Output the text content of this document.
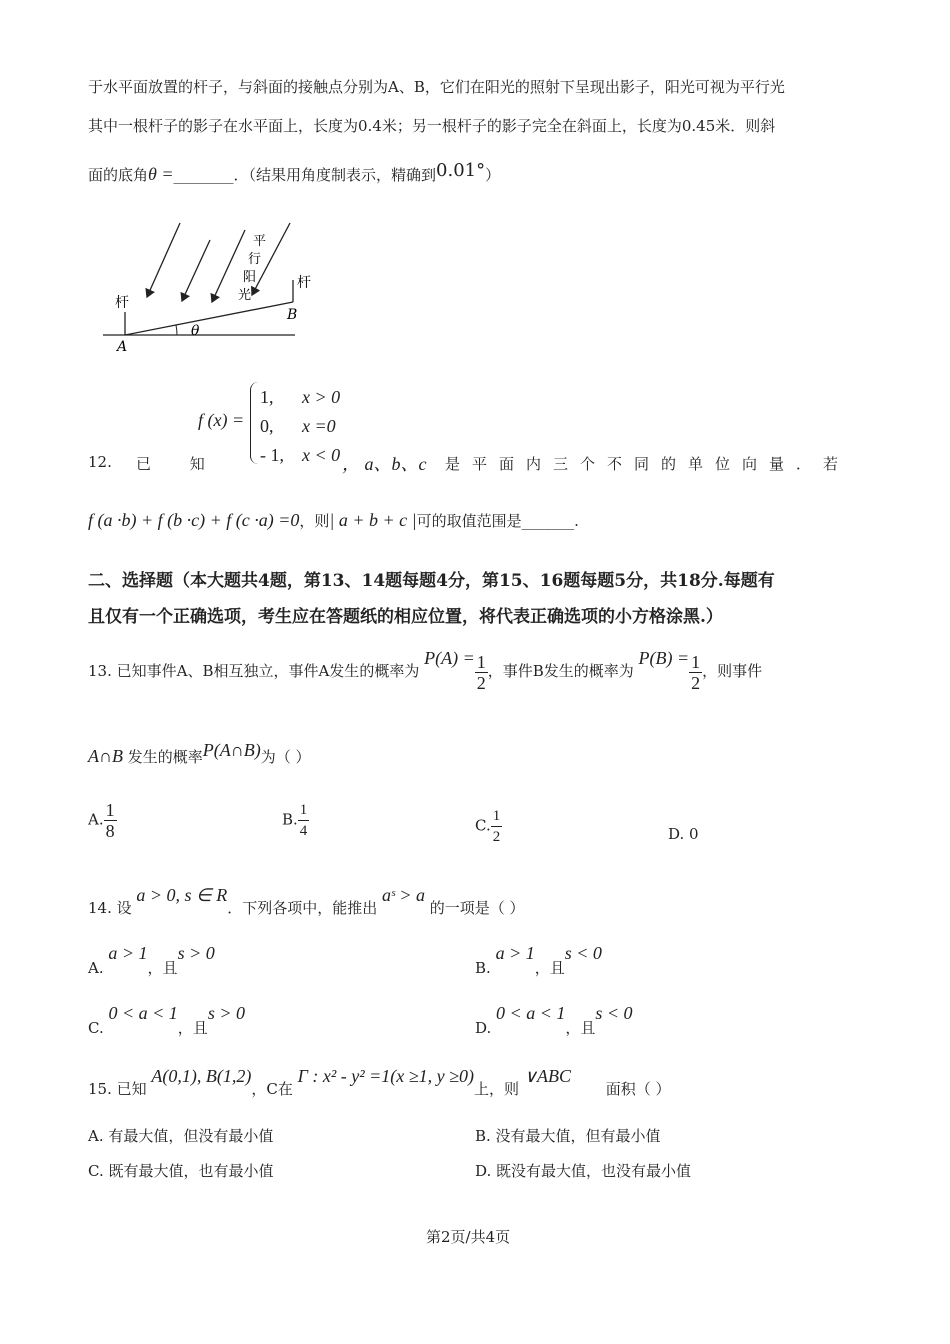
于水平面放置的杆子，与斜面的接触点分别为A、B，它们在阳光的照射下呈现出影子，阳光可视为平行光
其中一根杆子的影子在水平面上，长度为0.4米；另一根杆子的影子完全在斜面上，长度为0.45米．则斜
面的底角θ =________．（结果用角度制表示，精确到0.01°）
杆
杆
A
B
θ
平
行
阳
光
12. 已 知
f (x) =
1, x > 0
0, x =0
- 1, x < 0 ， a、b、c 是平面内三个不同的单位向量．若
f (a ·b) + f (b ·c) + f (c ·a) =0，则| a + b + c |可的取值范围是_______.
二、选择题（本大题共4题，第13、14题每题4分，第15、16题每题5分，共18分.每题有
且仅有一个正确选项，考生应在答题纸的相应位置，将代表正确选项的小方格涂黑.）
13. 已知事件A、B相互独立，事件A发生的概率为 $P(A) = \frac{1}{2}$ ，事件B发生的概率为 $P(B) = \frac{1}{2}$ ，则事件
A∩B 发生的概率P(A∩B)为（ ）
A. $\frac{1}{8}$	B. $\frac{1}{4}$	C. $\frac{1}{2}$	D. 0
14. 设 a > 0, s ∈ R．下列各项中，能推出 aˢ > a 的一项是（ ）
A. a > 1，且s > 0
B. a > 1，且s < 0
C. 0 < a < 1，且s > 0
D. 0 < a < 1，且s < 0
15. 已知 A(0,1), B(1,2)，C在 Γ : x² - y² =1(x ≥1, y ≥0)上，则 ∨ABC 面积（ ）
A. 有最大值，但没有最小值	B. 没有最大值，但有最小值
C. 既有最大值，也有最小值	D. 既没有最大值，也没有最小值
第2页/共4页
